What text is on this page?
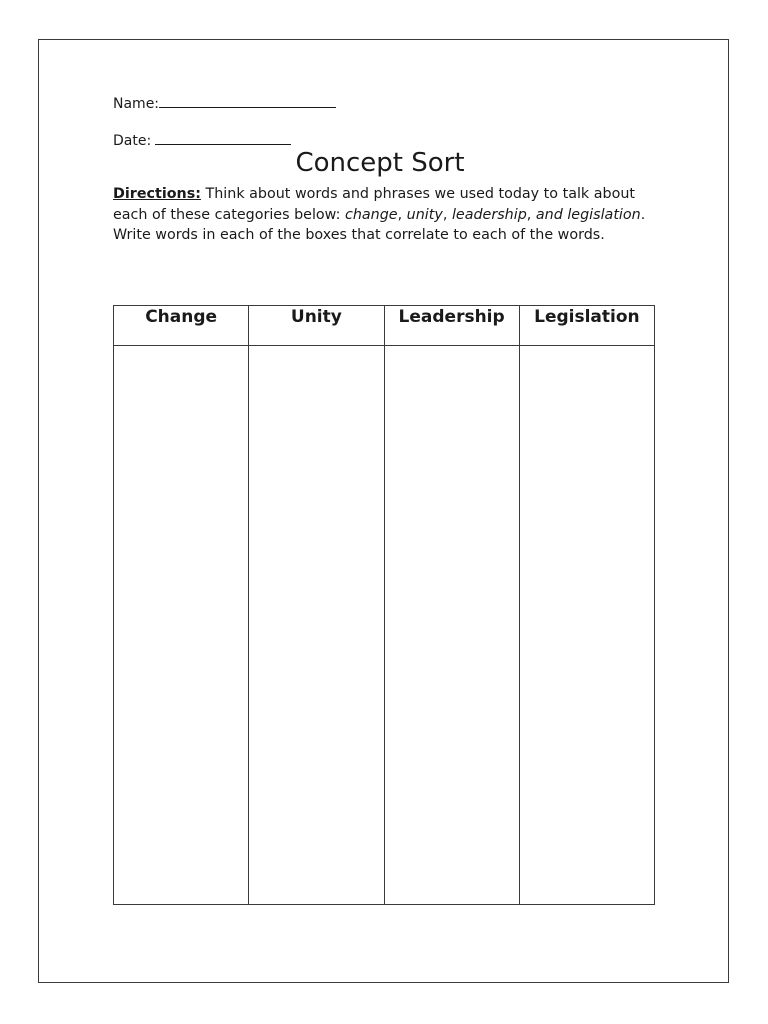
Name:
Date:
Concept Sort
Directions: Think about words and phrases we used today to talk about each of these categories below: change, unity, leadership, and legislation. Write words in each of the boxes that correlate to each of the words.
Change	Unity	Leadership	Legislation
